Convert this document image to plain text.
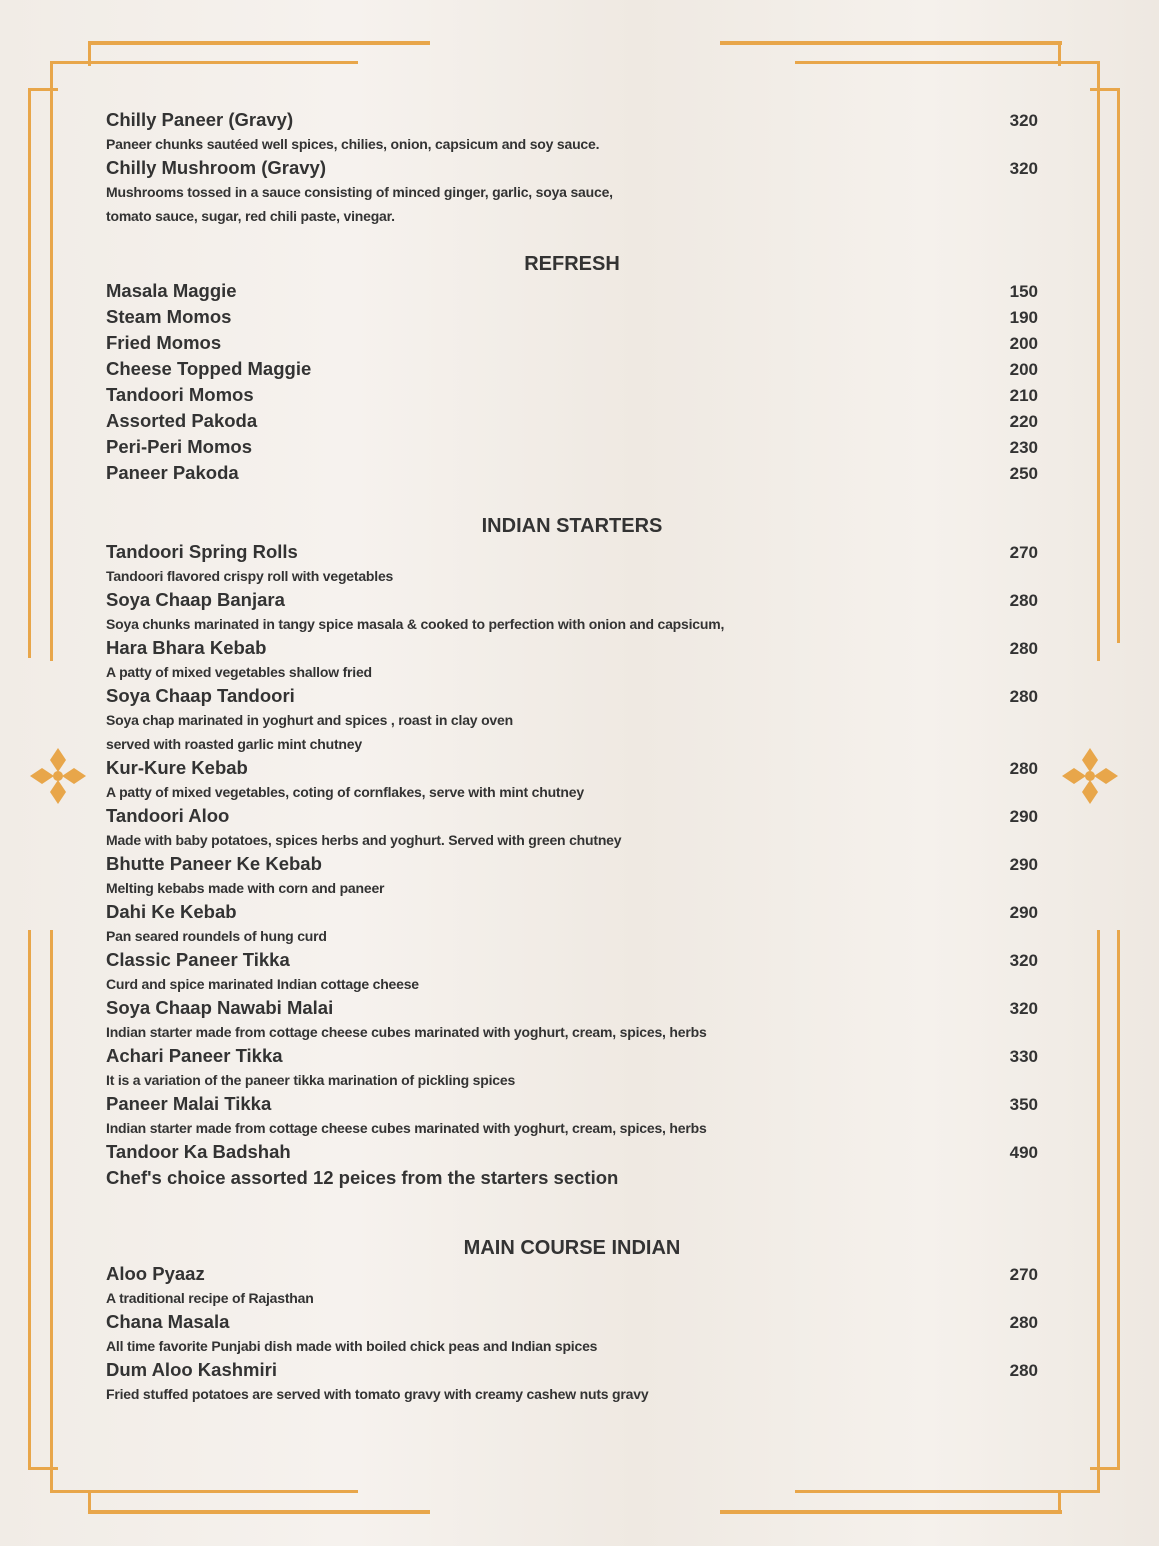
Chilly Paneer (Gravy)	320
Paneer chunks sautéed well spices, chilies, onion, capsicum and soy sauce.
Chilly Mushroom (Gravy)	320
Mushrooms tossed in a sauce consisting of minced ginger, garlic, soya sauce,
tomato sauce, sugar, red chili paste, vinegar.
REFRESH
Masala Maggie	150
Steam Momos	190
Fried Momos	200
Cheese Topped Maggie	200
Tandoori Momos	210
Assorted Pakoda	220
Peri-Peri Momos	230
Paneer Pakoda	250
INDIAN STARTERS
Tandoori Spring Rolls	270
Tandoori flavored crispy roll with vegetables
Soya Chaap Banjara	280
Soya chunks marinated in tangy spice masala & cooked to perfection with onion and capsicum,
Hara Bhara Kebab	280
A patty of mixed vegetables shallow fried
Soya Chaap Tandoori	280
Soya chap marinated in yoghurt and spices , roast in clay oven
served with roasted garlic mint chutney
Kur-Kure Kebab	280
A patty of mixed vegetables, coting of cornflakes, serve with mint chutney
Tandoori Aloo	290
Made with baby potatoes, spices herbs and yoghurt. Served with green chutney
Bhutte Paneer Ke Kebab	290
Melting kebabs made with corn and paneer
Dahi Ke Kebab	290
Pan seared roundels of hung curd
Classic Paneer Tikka	320
Curd and spice marinated Indian cottage cheese
Soya Chaap Nawabi Malai	320
Indian starter made from cottage cheese cubes marinated with yoghurt, cream, spices, herbs
Achari Paneer Tikka	330
It is a variation of the paneer tikka marination of pickling spices
Paneer Malai Tikka	350
Indian starter made from cottage cheese cubes marinated with yoghurt, cream, spices, herbs
Tandoor Ka Badshah	490
Chef's choice assorted 12 peices from the starters section
MAIN COURSE INDIAN
Aloo Pyaaz	270
A traditional recipe of Rajasthan
Chana Masala	280
All time favorite Punjabi dish made with boiled chick peas and Indian spices
Dum Aloo Kashmiri	280
Fried stuffed potatoes are served with tomato gravy with creamy cashew nuts gravy
